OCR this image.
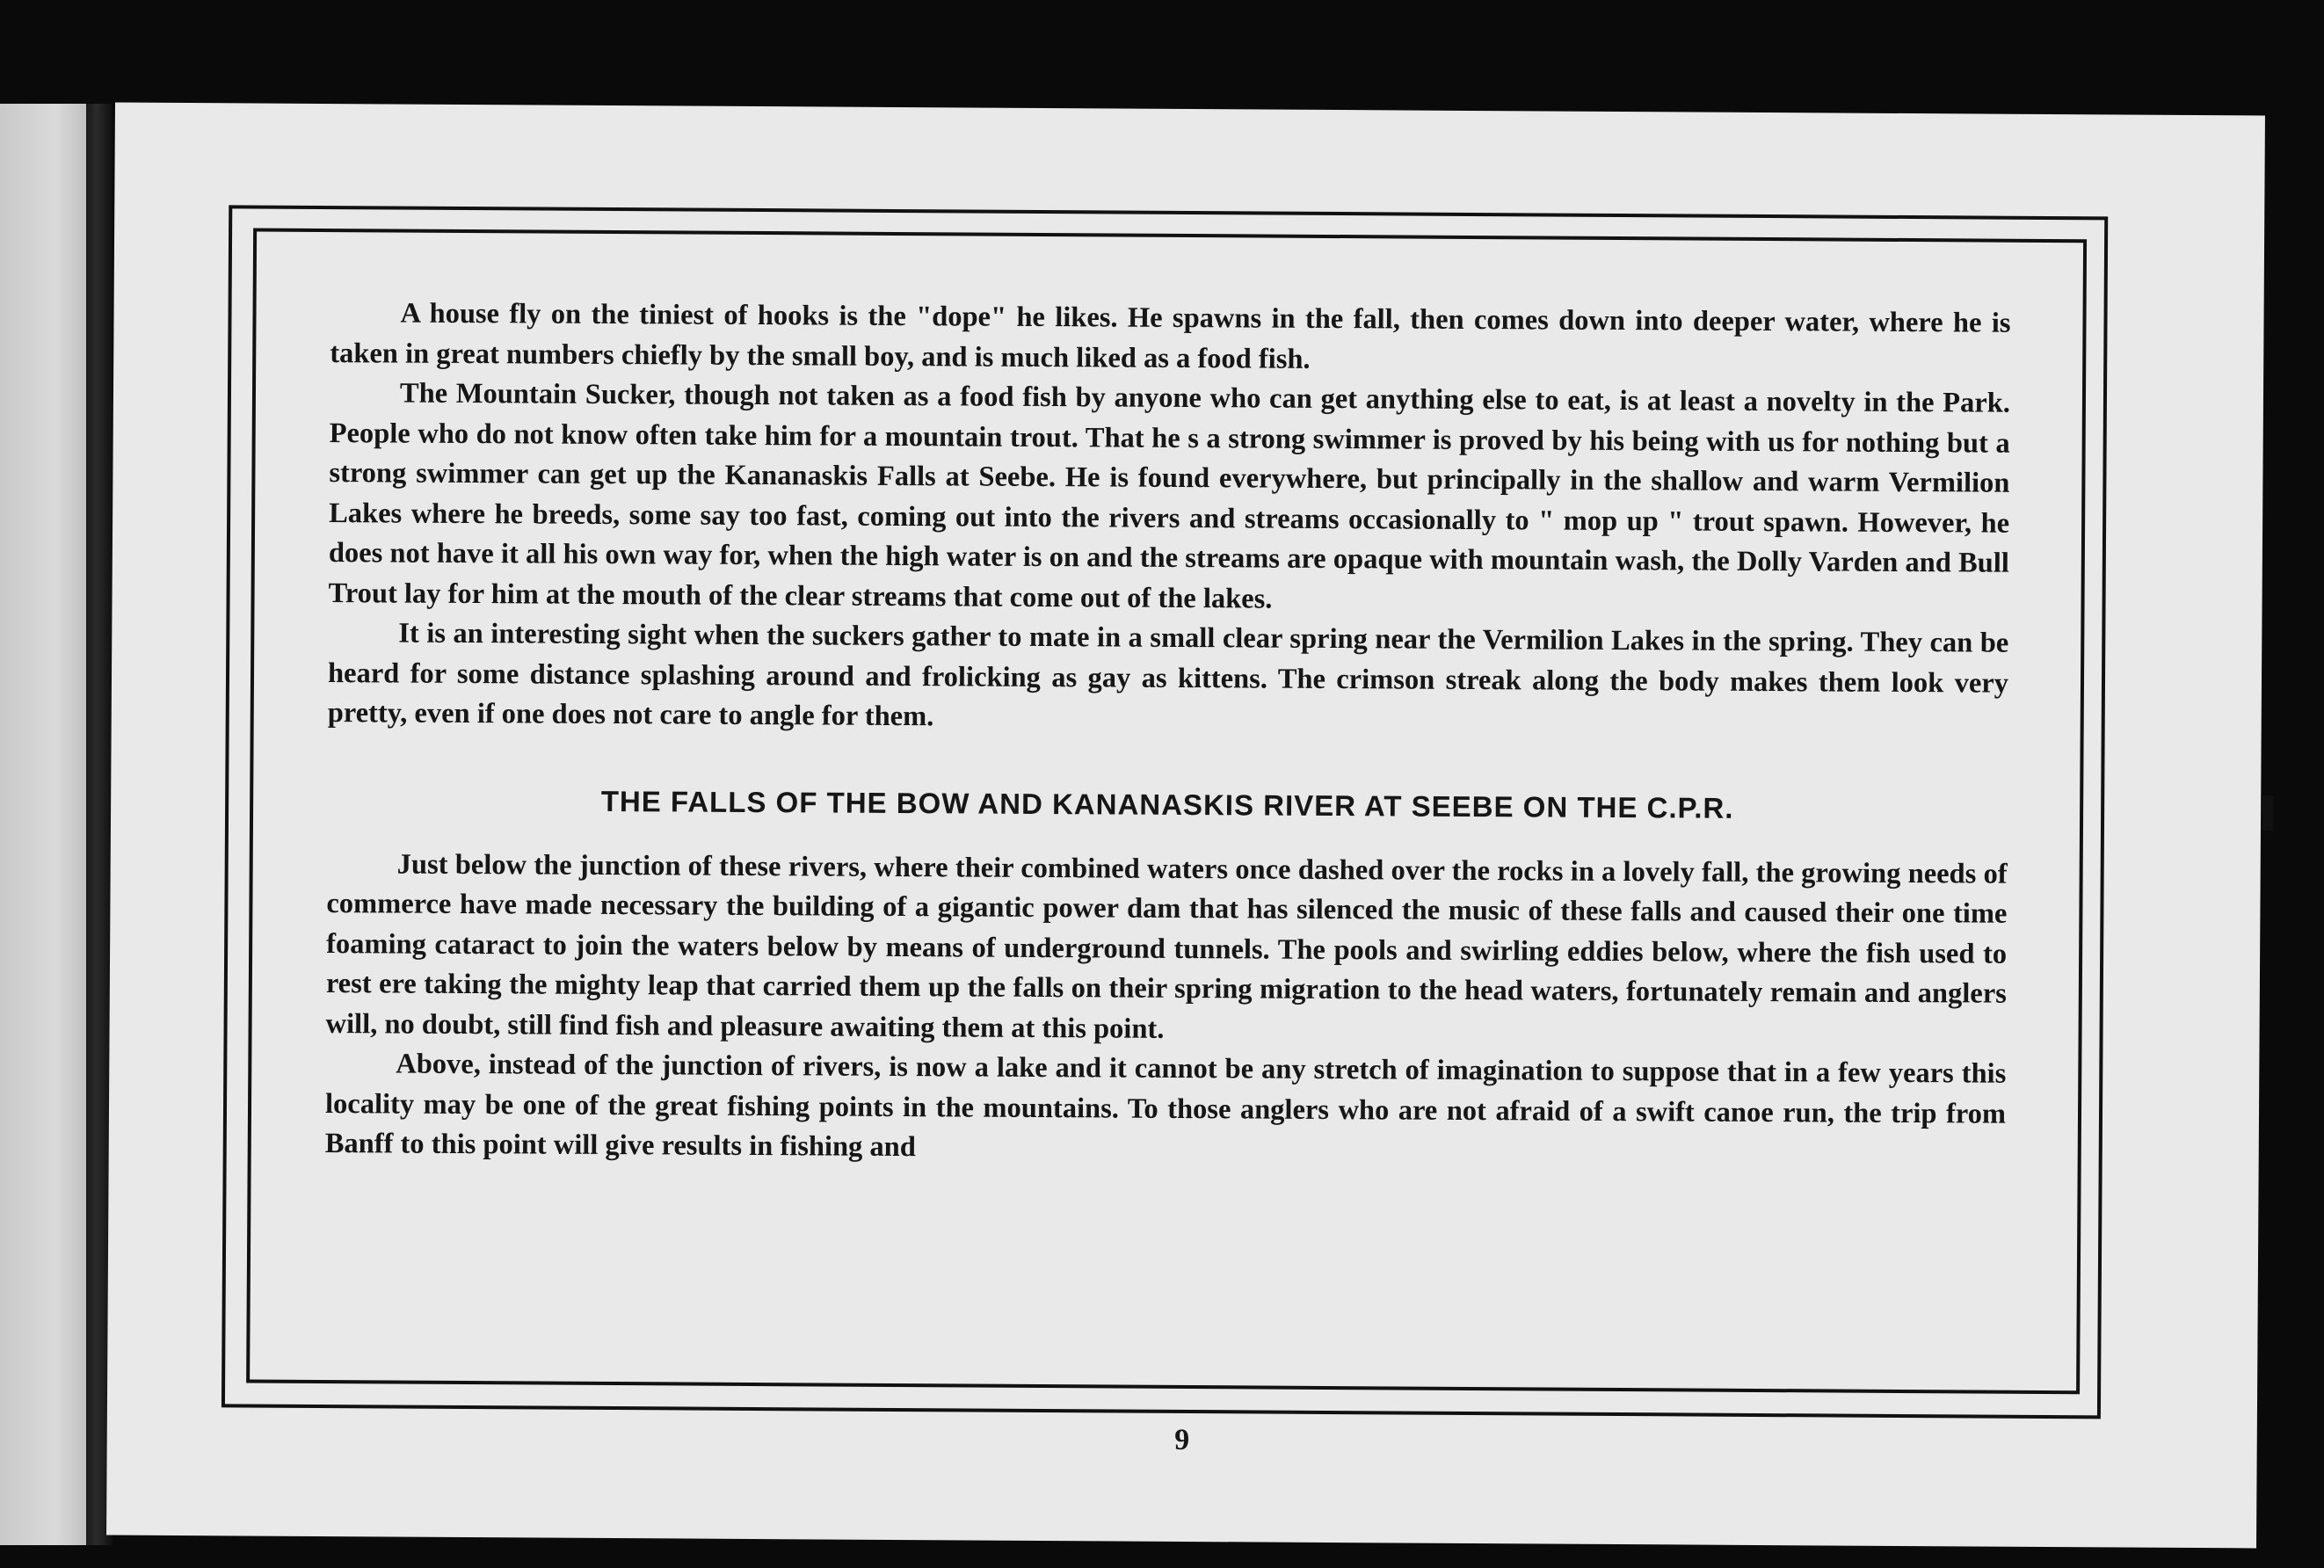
A house fly on the tiniest of hooks is the "dope" he likes. He spawns in the fall, then comes down into deeper water, where he is taken in great numbers chiefly by the small boy, and is much liked as a food fish.

The Mountain Sucker, though not taken as a food fish by anyone who can get anything else to eat, is at least a novelty in the Park. People who do not know often take him for a mountain trout. That he s a strong swimmer is proved by his being with us for nothing but a strong swimmer can get up the Kananaskis Falls at Seebe. He is found everywhere, but principally in the shallow and warm Vermilion Lakes where he breeds, some say too fast, coming out into the rivers and streams occasionally to " mop up " trout spawn. However, he does not have it all his own way for, when the high water is on and the streams are opaque with mountain wash, the Dolly Varden and Bull Trout lay for him at the mouth of the clear streams that come out of the lakes.

It is an interesting sight when the suckers gather to mate in a small clear spring near the Vermilion Lakes in the spring. They can be heard for some distance splashing around and frolicking as gay as kittens. The crimson streak along the body makes them look very pretty, even if one does not care to angle for them.

THE FALLS OF THE BOW AND KANANASKIS RIVER AT SEEBE ON THE C.P.R.

Just below the junction of these rivers, where their combined waters once dashed over the rocks in a lovely fall, the growing needs of commerce have made necessary the building of a gigantic power dam that has silenced the music of these falls and caused their one time foaming cataract to join the waters below by means of underground tunnels. The pools and swirling eddies below, where the fish used to rest ere taking the mighty leap that carried them up the falls on their spring migration to the head waters, fortunately remain and anglers will, no doubt, still find fish and pleasure awaiting them at this point.

Above, instead of the junction of rivers, is now a lake and it cannot be any stretch of imagination to suppose that in a few years this locality may be one of the great fishing points in the mountains. To those anglers who are not afraid of a swift canoe run, the trip from Banff to this point will give results in fishing and

9
